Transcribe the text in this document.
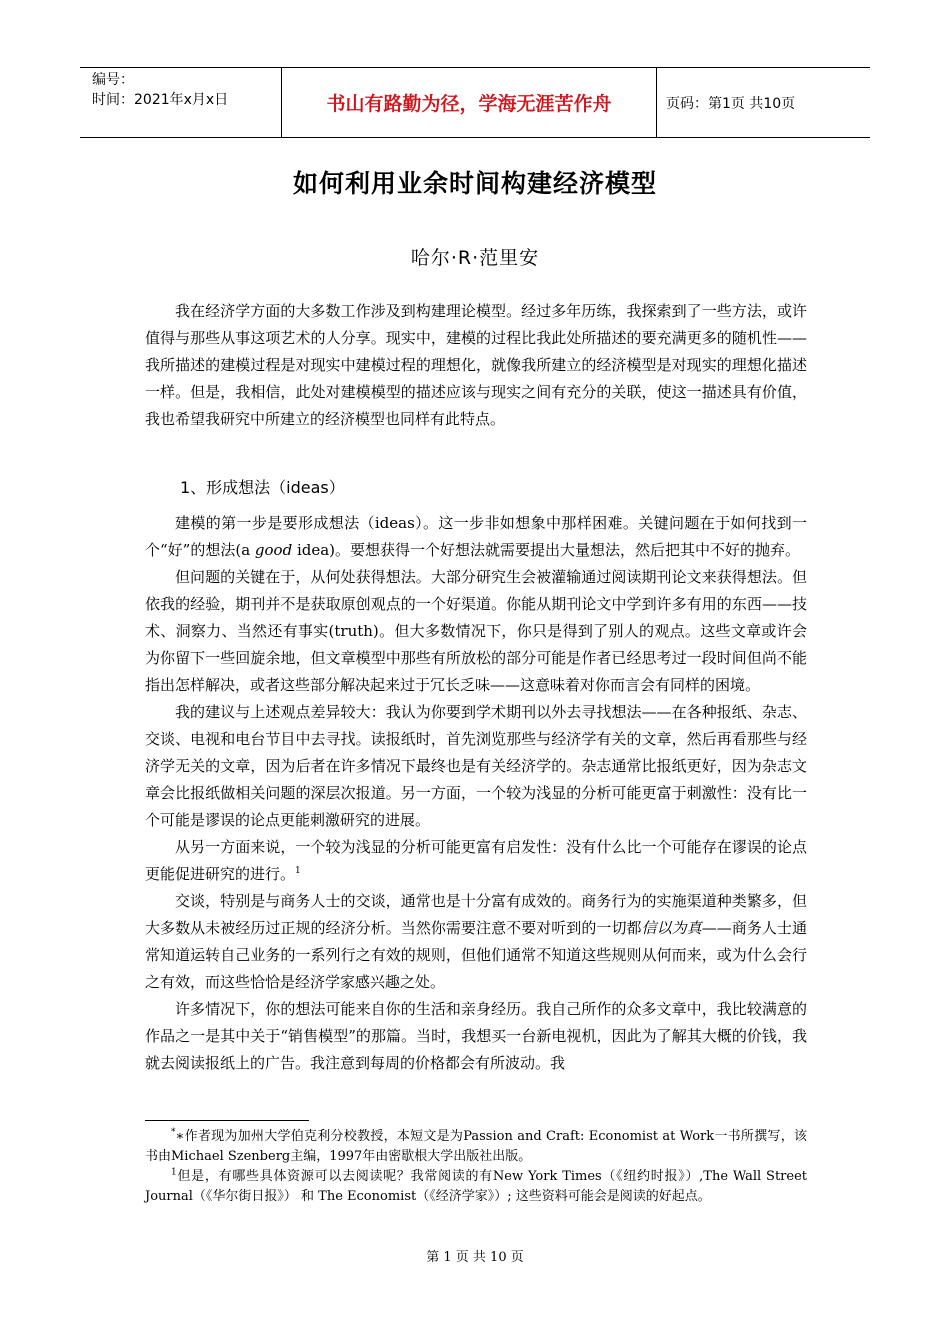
编号：
时间：2021年x月x日	书山有路勤为径，学海无涯苦作舟	页码：第1页 共10页
如何利用业余时间构建经济模型
哈尔·R·范里安

我在经济学方面的大多数工作涉及到构建理论模型。经过多年历练，我探索到了一些方法，或许值得与那些从事这项艺术的人分享。现实中，建模的过程比我此处所描述的要充满更多的随机性——我所描述的建模过程是对现实中建模过程的理想化，就像我所建立的经济模型是对现实的理想化描述一样。但是，我相信，此处对建模模型的描述应该与现实之间有充分的关联，使这一描述具有价值，我也希望我研究中所建立的经济模型也同样有此特点。

1、形成想法（ideas）

建模的第一步是要形成想法（ideas）。这一步非如想象中那样困难。关键问题在于如何找到一个“好”的想法(a good idea)。要想获得一个好想法就需要提出大量想法，然后把其中不好的抛弃。

但问题的关键在于，从何处获得想法。大部分研究生会被灌输通过阅读期刊论文来获得想法。但依我的经验，期刊并不是获取原创观点的一个好渠道。你能从期刊论文中学到许多有用的东西——技术、洞察力、当然还有事实(truth)。但大多数情况下，你只是得到了别人的观点。这些文章或许会为你留下一些回旋余地，但文章模型中那些有所放松的部分可能是作者已经思考过一段时间但尚不能指出怎样解决，或者这些部分解决起来过于冗长乏味——这意味着对你而言会有同样的困境。

我的建议与上述观点差异较大：我认为你要到学术期刊以外去寻找想法——在各种报纸、杂志、交谈、电视和电台节目中去寻找。读报纸时，首先浏览那些与经济学有关的文章，然后再看那些与经济学无关的文章，因为后者在许多情况下最终也是有关经济学的。杂志通常比报纸更好，因为杂志文章会比报纸做相关问题的深层次报道。另一方面，一个较为浅显的分析可能更富于刺激性：没有比一个可能是谬误的论点更能刺激研究的进展。

从另一方面来说，一个较为浅显的分析可能更富有启发性：没有什么比一个可能存在谬误的论点更能促进研究的进行。$^1$

交谈，特别是与商务人士的交谈，通常也是十分富有成效的。商务行为的实施渠道种类繁多，但大多数从未被经历过正规的经济分析。当然你需要注意不要对听到的一切都信以为真——商务人士通常知道运转自己业务的一系列行之有效的规则，但他们通常不知道这些规则从何而来，或为什么会行之有效，而这些恰恰是经济学家感兴趣之处。

许多情况下，你的想法可能来自你的生活和亲身经历。我自己所作的众多文章中，我比较满意的作品之一是其中关于“销售模型”的那篇。当时，我想买一台新电视机，因此为了解其大概的价钱，我就去阅读报纸上的广告。我注意到每周的价格都会有所波动。我

*∗作者现为加州大学伯克利分校教授，本短文是为Passion and Craft: Economist at Work一书所撰写，该书由Michael Szenberg主编，1997年由密歇根大学出版社出版。

$^1$但是，有哪些具体资源可以去阅读呢？我常阅读的有New York Times（《纽约时报》）,The Wall Street Journal（《华尔街日报》） 和 The Economist（《经济学家》）; 这些资料可能会是阅读的好起点。

第 1 页 共 10 页
